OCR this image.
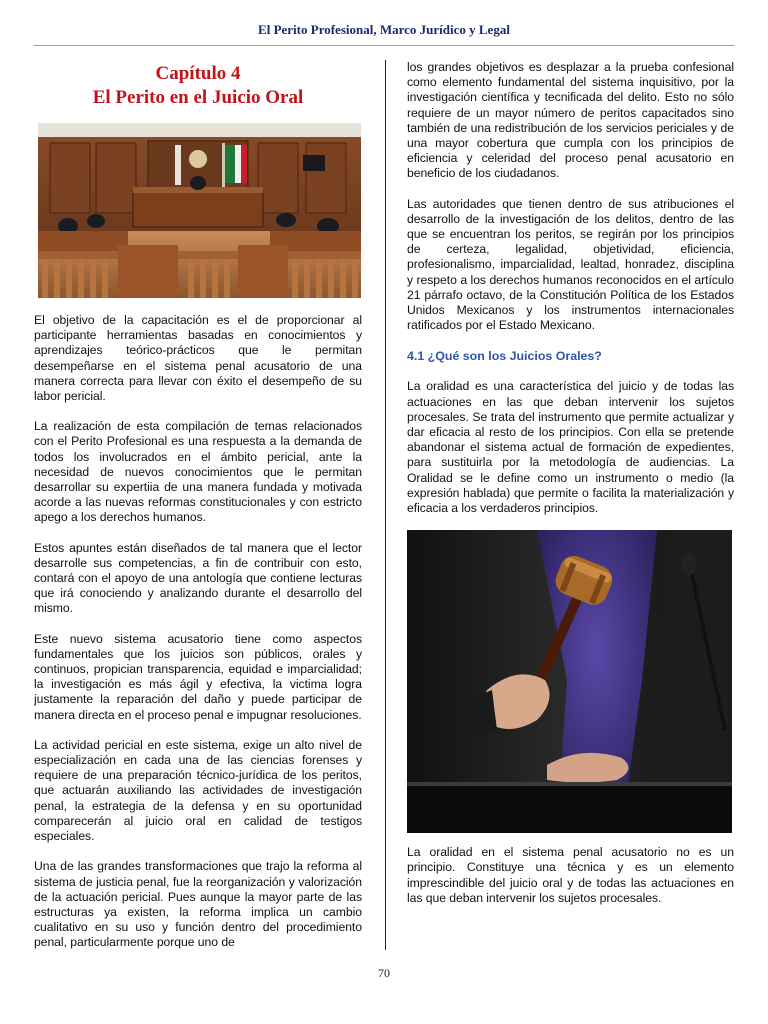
El Perito Profesional, Marco Jurídico y Legal
Capítulo 4
El Perito en el Juicio Oral

El objetivo de la capacitación es el de proporcionar al participante herramientas basadas en conocimientos y aprendizajes teórico-prácticos que le permitan desempeñarse en el sistema penal acusatorio de una manera correcta para llevar con éxito el desempeño de su labor pericial.

La realización de esta compilación de temas relacionados con el Perito Profesional es una respuesta a la demanda de todos los involucrados en el ámbito pericial, ante la necesidad de nuevos conocimientos que le permitan desarrollar su expertiia de una manera fundada y motivada acorde a las nuevas reformas constitucionales y con estricto apego a los derechos humanos.

Estos apuntes están diseñados de tal manera que el lector desarrolle sus competencias, a fin de contribuir con esto, contará con el apoyo de una antología que contiene lecturas que irá conociendo y analizando durante el desarrollo del mismo.

Este nuevo sistema acusatorio tiene como aspectos fundamentales que los juicios son públicos, orales y continuos, propician transparencia, equidad e imparcialidad; la investigación es más ágil y efectiva, la victima logra justamente la reparación del daño y puede participar de manera directa en el proceso penal e impugnar resoluciones.

La actividad pericial en este sistema, exige un alto nivel de especialización en cada una de las ciencias forenses y requiere de una preparación técnico-jurídica de los peritos, que actuarán auxiliando las actividades de investigación penal, la estrategia de la defensa y en su oportunidad comparecerán al juicio oral en calidad de testigos especiales.

Una de las grandes transformaciones que trajo la reforma al sistema de justicia penal, fue la reorganización y valorización de la actuación pericial. Pues aunque la mayor parte de las estructuras ya existen, la reforma implica un cambio cualitativo en su uso y función dentro del procedimiento penal, particularmente porque uno de

los grandes objetivos es desplazar a la prueba confesional como elemento fundamental del sistema inquisitivo, por la investigación científica y tecnificada del delito. Esto no sólo requiere de un mayor número de peritos capacitados sino también de una redistribución de los servicios periciales y de una mayor cobertura que cumpla con los principios de eficiencia y celeridad del proceso penal acusatorio en beneficio de los ciudadanos.

Las autoridades que tienen dentro de sus atribuciones el desarrollo de la investigación de los delitos, dentro de las que se encuentran los peritos, se regirán por los principios de certeza, legalidad, objetividad, eficiencia, profesionalismo, imparcialidad, lealtad, honradez, disciplina y respeto a los derechos humanos reconocidos en el artículo 21 párrafo octavo, de la Constitución Política de los Estados Unidos Mexicanos y los instrumentos internacionales ratificados por el Estado Mexicano.

4.1 ¿Qué son los Juicios Orales?

La oralidad es una característica del juicio y de todas las actuaciones en las que deban intervenir los sujetos procesales. Se trata del instrumento que permite actualizar y dar eficacia al resto de los principios. Con ella se pretende abandonar el sistema actual de formación de expedientes, para sustituirla por la metodología de audiencias. La Oralidad se le define como un instrumento o medio (la expresión hablada) que permite o facilita la materialización y eficacia a los verdaderos principios.

La oralidad en el sistema penal acusatorio no es un principio. Constituye una técnica y es un elemento imprescindible del juicio oral y de todas las actuaciones en las que deban intervenir los sujetos procesales.

70
